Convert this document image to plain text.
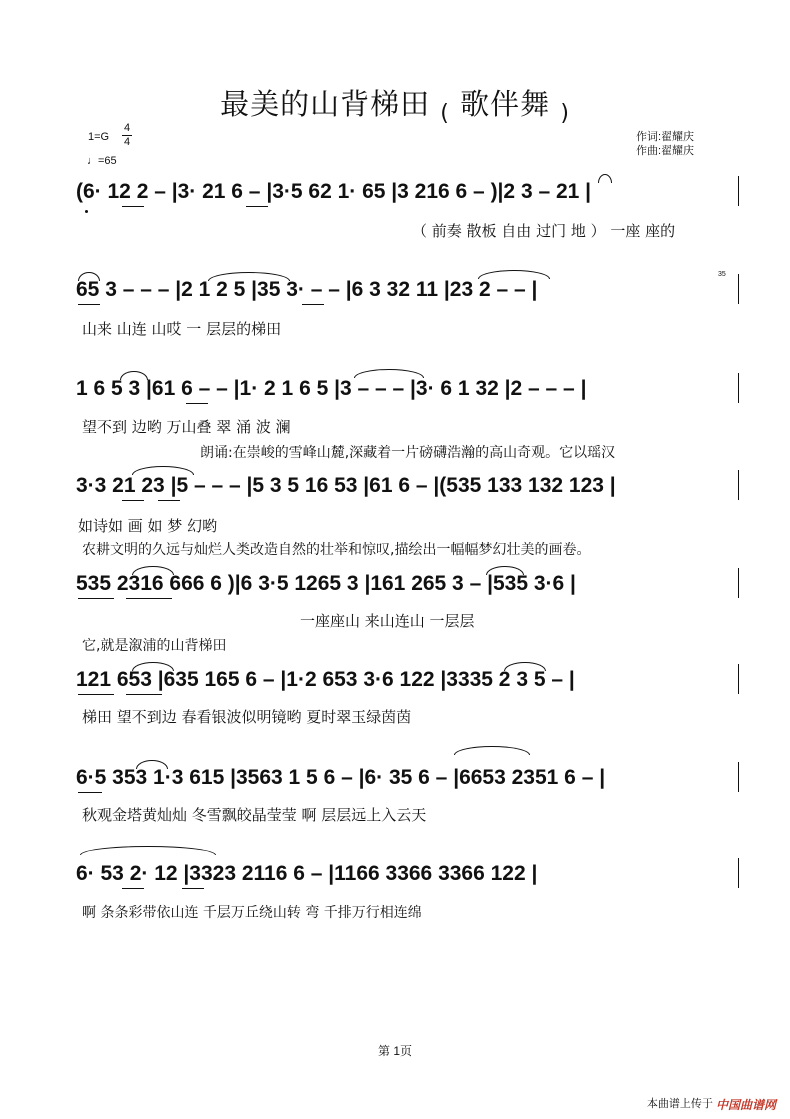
最美的山背梯田 $_($ 歌伴舞 $_)$
1=G
4
4
♩=65
作词:翟耀庆
作曲:翟耀庆
35
(6· 12 2 – |3· 21 6 – |3·5 62 1· 65 |3 216 6 – )|2 3 – 21 |
（ 前奏 散板 自由 过门 地 ） 一座 座的
65 3 – – – |2 1 2 5 |35 3· – – |6 3 32 11 |23 2 – – |
山来 山连 山哎 一 层层的梯田
1 6 5 3 |61 6 – – |1· 2 1 6 5 |3 – – – |3· 6 1 32 |2 – – – |
望不到 边哟 万山叠 翠 涌 波 澜
朗诵:在崇峻的雪峰山麓,深藏着一片磅礴浩瀚的高山奇观。它以瑶汉
3·3 21 23 |5 – – – |5 3 5 16 53 |61 6 – |(535 133 132 123 |
如诗如 画 如 梦 幻哟
农耕文明的久远与灿烂人类改造自然的壮举和惊叹,描绘出一幅幅梦幻壮美的画卷。
535 2316 666 6 )|6 3·5 1265 3 |161 265 3 – |535 3·6 |
一座座山 来山连山 一层层
它,就是溆浦的山背梯田
121 653 |635 165 6 – |1·2 653 3·6 122 |3335 2 3 5 – |
梯田 望不到边 春看银波似明镜哟 夏时翠玉绿茵茵
6·5 353 1·3 615 |3563 1 5 6 – |6· 35 6 – |6653 2351 6 – |
秋观金塔黄灿灿 冬雪飘皎晶莹莹 啊 层层远上入云天
6· 53 2· 12 |3323 2116 6 – |1166 3366 3366 122 |
啊 条条彩带依山连 千层万丘绕山转 弯 千排万行相连绵
第 1页
本曲谱上传于 中国曲谱网
